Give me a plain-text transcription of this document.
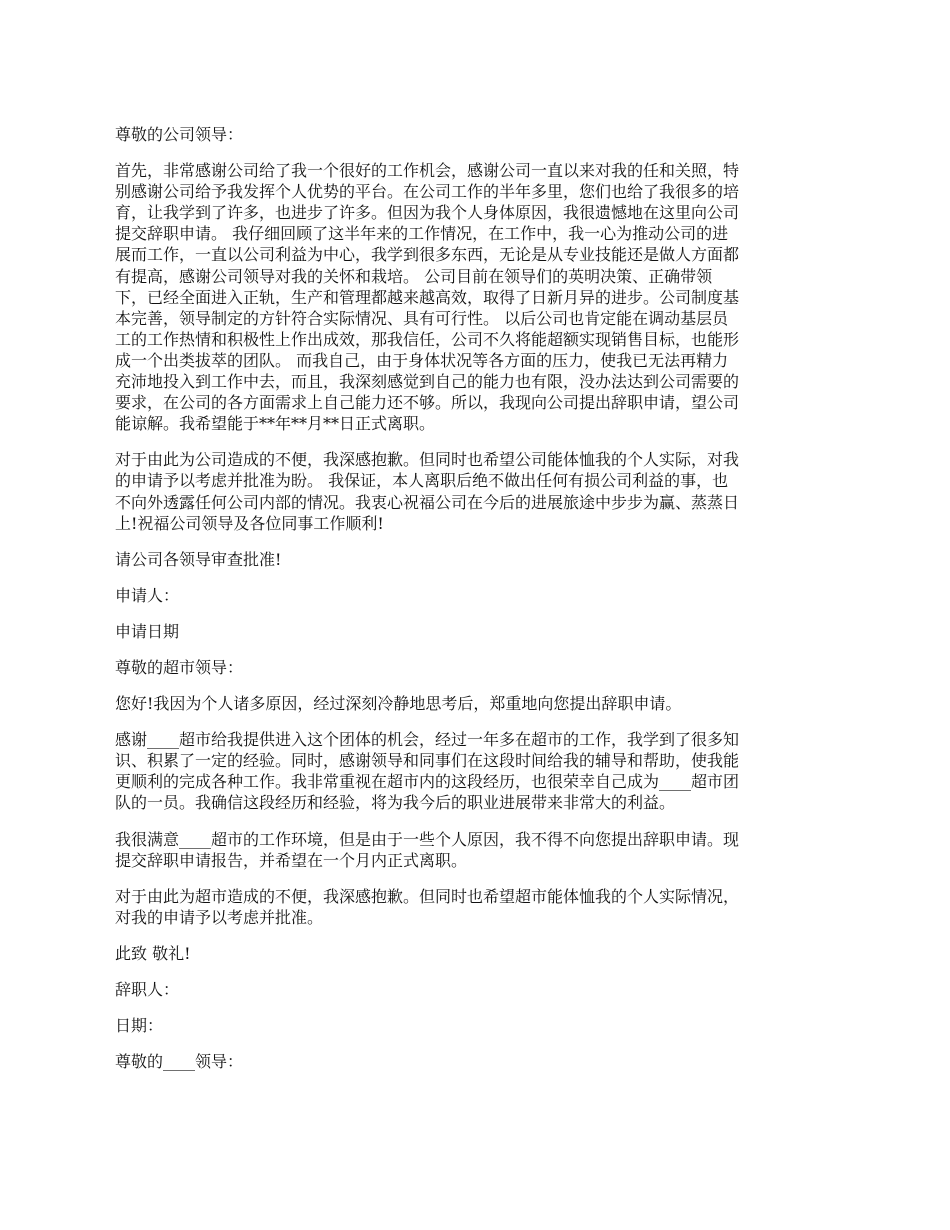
尊敬的公司领导：

首先，非常感谢公司给了我一个很好的工作机会，感谢公司一直以来对我的任和关照，特
别感谢公司给予我发挥个人优势的平台。在公司工作的半年多里，您们也给了我很多的培
育，让我学到了许多，也进步了许多。但因为我个人身体原因，我很遗憾地在这里向公司
提交辞职申请。 我仔细回顾了这半年来的工作情况，在工作中，我一心为推动公司的进
展而工作，一直以公司利益为中心，我学到很多东西，无论是从专业技能还是做人方面都
有提高，感谢公司领导对我的关怀和栽培。 公司目前在领导们的英明决策、正确带领
下，已经全面进入正轨，生产和管理都越来越高效，取得了日新月异的进步。公司制度基
本完善，领导制定的方针符合实际情况、具有可行性。 以后公司也肯定能在调动基层员
工的工作热情和积极性上作出成效，那我信任，公司不久将能超额实现销售目标，也能形
成一个出类拔萃的团队。 而我自己，由于身体状况等各方面的压力，使我已无法再精力
充沛地投入到工作中去，而且，我深刻感觉到自己的能力也有限，没办法达到公司需要的
要求，在公司的各方面需求上自己能力还不够。所以，我现向公司提出辞职申请，望公司
能谅解。我希望能于**年**月**日正式离职。

对于由此为公司造成的不便，我深感抱歉。但同时也希望公司能体恤我的个人实际，对我
的申请予以考虑并批准为盼。 我保证，本人离职后绝不做出任何有损公司利益的事，也
不向外透露任何公司内部的情况。我衷心祝福公司在今后的进展旅途中步步为赢、蒸蒸日
上!祝福公司领导及各位同事工作顺利!

请公司各领导审查批准!

申请人：

申请日期

尊敬的超市领导：

您好!我因为个人诸多原因，经过深刻冷静地思考后，郑重地向您提出辞职申请。

感谢____超市给我提供进入这个团体的机会，经过一年多在超市的工作，我学到了很多知
识、积累了一定的经验。同时，感谢领导和同事们在这段时间给我的辅导和帮助，使我能
更顺利的完成各种工作。我非常重视在超市内的这段经历，也很荣幸自己成为____超市团
队的一员。我确信这段经历和经验，将为我今后的职业进展带来非常大的利益。

我很满意____超市的工作环境，但是由于一些个人原因，我不得不向您提出辞职申请。现
提交辞职申请报告，并希望在一个月内正式离职。

对于由此为超市造成的不便，我深感抱歉。但同时也希望超市能体恤我的个人实际情况，
对我的申请予以考虑并批准。

此致 敬礼!

辞职人：

日期：

尊敬的____领导：
